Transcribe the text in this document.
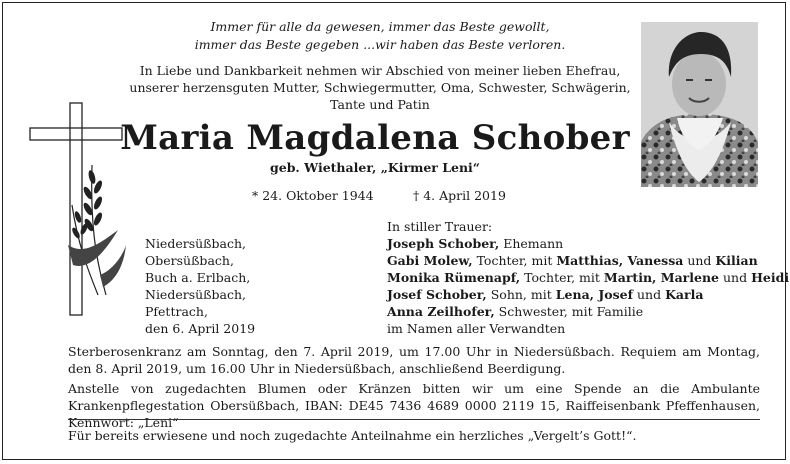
Immer für alle da gewesen, immer das Beste gewollt,
immer das Beste gegeben ...wir haben das Beste verloren.
In Liebe und Dankbarkeit nehmen wir Abschied von meiner lieben Ehefrau,
unserer herzensguten Mutter, Schwiegermutter, Oma, Schwester, Schwägerin,
Tante und Patin
Maria Magdalena Schober
geb. Wiethaler, „Kirmer Leni“
* 24. Oktober 1944	† 4. April 2019
In stiller Trauer:
Joseph Schober, Ehemann
Gabi Molew, Tochter, mit Matthias, Vanessa und Kilian
Monika Rümenapf, Tochter, mit Martin, Marlene und Heidi
Josef Schober, Sohn, mit Lena, Josef und Karla
Anna Zeilhofer, Schwester, mit Familie
im Namen aller Verwandten
Niedersüßbach,
Obersüßbach,
Buch a. Erlbach,
Niedersüßbach,
Pfettrach,
den 6. April 2019
Sterberosenkranz am Sonntag, den 7. April 2019, um 17.00 Uhr in Niedersüßbach. Requiem am Montag, den 8. April 2019, um 16.00 Uhr in Niedersüßbach, anschließend Beerdigung.
Anstelle von zugedachten Blumen oder Kränzen bitten wir um eine Spende an die Ambulante Krankenpflegestation Obersüßbach, IBAN: DE45 7436 4689 0000 2119 15, Raiffeisenbank Pfeffenhausen, Kennwort: „Leni“
Für bereits erwiesene und noch zugedachte Anteilnahme ein herzliches „Vergelt’s Gott!“.
